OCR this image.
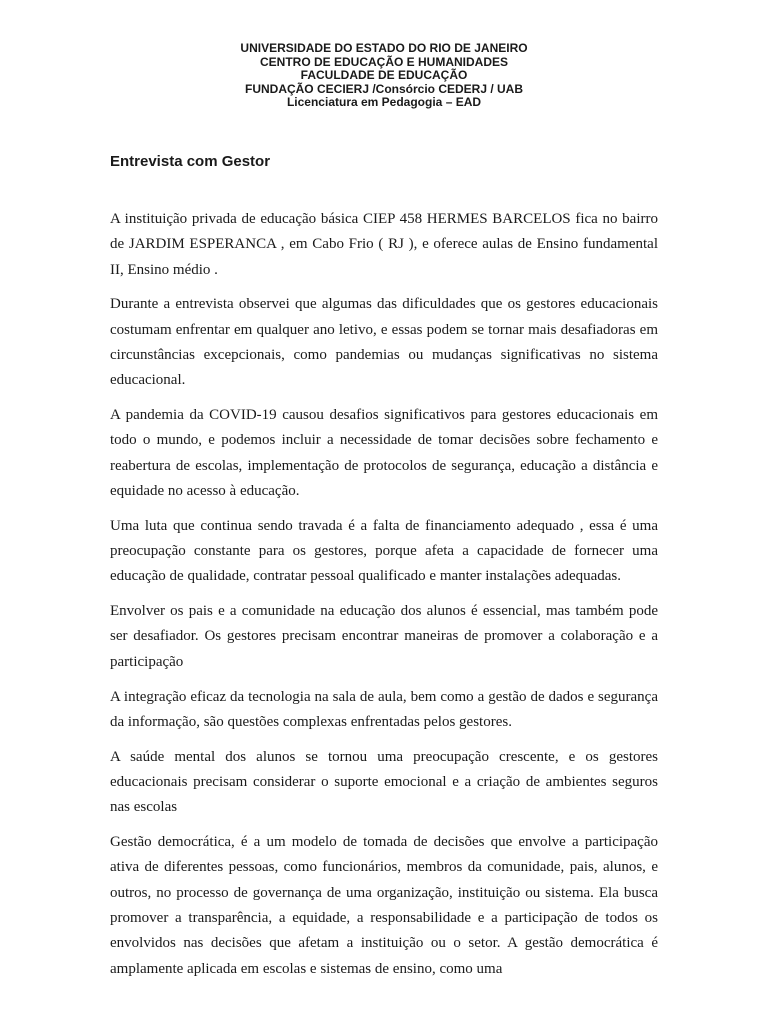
UNIVERSIDADE DO ESTADO DO RIO DE JANEIRO
CENTRO DE EDUCAÇÃO E HUMANIDADES
FACULDADE DE EDUCAÇÃO
FUNDAÇÃO CECIERJ /Consórcio CEDERJ / UAB
Licenciatura em Pedagogia – EAD
Entrevista com Gestor

A instituição privada de educação básica CIEP 458 HERMES BARCELOS fica no bairro de JARDIM ESPERANCA , em Cabo Frio ( RJ ), e oferece aulas de Ensino fundamental II, Ensino médio .

Durante a entrevista observei que algumas das dificuldades que os gestores educacionais costumam enfrentar em qualquer ano letivo, e essas podem se tornar mais desafiadoras em circunstâncias excepcionais, como pandemias ou mudanças significativas no sistema educacional.

A pandemia da COVID-19 causou desafios significativos para gestores educacionais em todo o mundo, e podemos incluir a necessidade de tomar decisões sobre fechamento e reabertura de escolas, implementação de protocolos de segurança, educação a distância e equidade no acesso à educação.

Uma luta que continua sendo travada é a falta de financiamento adequado , essa é uma preocupação constante para os gestores, porque afeta a capacidade de fornecer uma educação de qualidade, contratar pessoal qualificado e manter instalações adequadas.

Envolver os pais e a comunidade na educação dos alunos é essencial, mas também pode ser desafiador. Os gestores precisam encontrar maneiras de promover a colaboração e a participação

A integração eficaz da tecnologia na sala de aula, bem como a gestão de dados e segurança da informação, são questões complexas enfrentadas pelos gestores.

A saúde mental dos alunos se tornou uma preocupação crescente, e os gestores educacionais precisam considerar o suporte emocional e a criação de ambientes seguros nas escolas

Gestão democrática, é a um modelo de tomada de decisões que envolve a participação ativa de diferentes pessoas, como funcionários, membros da comunidade, pais, alunos, e outros, no processo de governança de uma organização, instituição ou sistema. Ela busca promover a transparência, a equidade, a responsabilidade e a participação de todos os envolvidos nas decisões que afetam a instituição ou o setor. A gestão democrática é amplamente aplicada em escolas e sistemas de ensino, como uma
